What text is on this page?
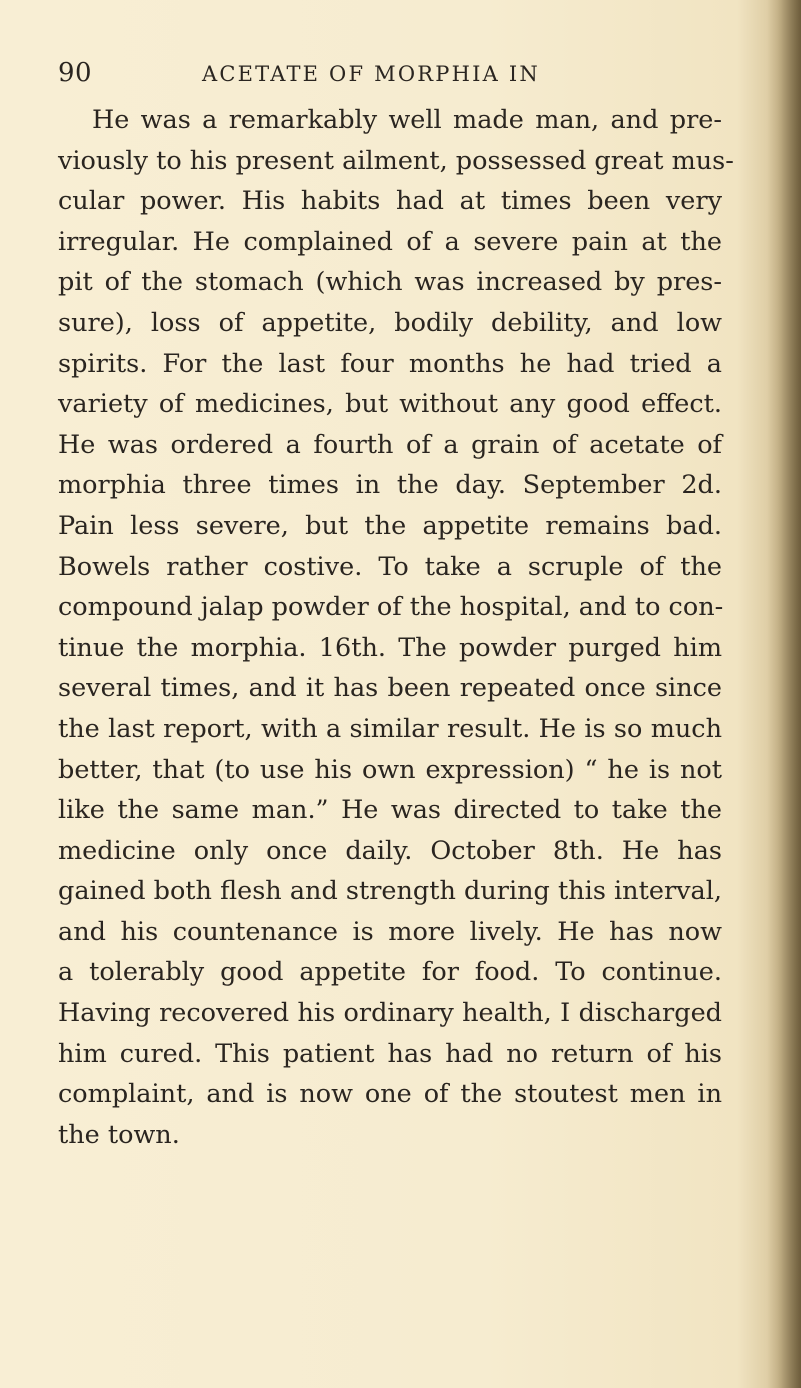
90	ACETATE OF MORPHIA IN
He was a remarkably well made man, and pre-
viously to his present ailment, possessed great mus-
cular power. His habits had at times been very
irregular. He complained of a severe pain at the
pit of the stomach (which was increased by pres-
sure), loss of appetite, bodily debility, and low
spirits. For the last four months he had tried a
variety of medicines, but without any good effect.
He was ordered a fourth of a grain of acetate of
morphia three times in the day. September 2d.
Pain less severe, but the appetite remains bad.
Bowels rather costive. To take a scruple of the
compound jalap powder of the hospital, and to con-
tinue the morphia. 16th. The powder purged him
several times, and it has been repeated once since
the last report, with a similar result. He is so much
better, that (to use his own expression) “ he is not
like the same man.” He was directed to take the
medicine only once daily. October 8th. He has
gained both flesh and strength during this interval,
and his countenance is more lively. He has now
a tolerably good appetite for food. To continue.
Having recovered his ordinary health, I discharged
him cured. This patient has had no return of his
complaint, and is now one of the stoutest men in
the town.
